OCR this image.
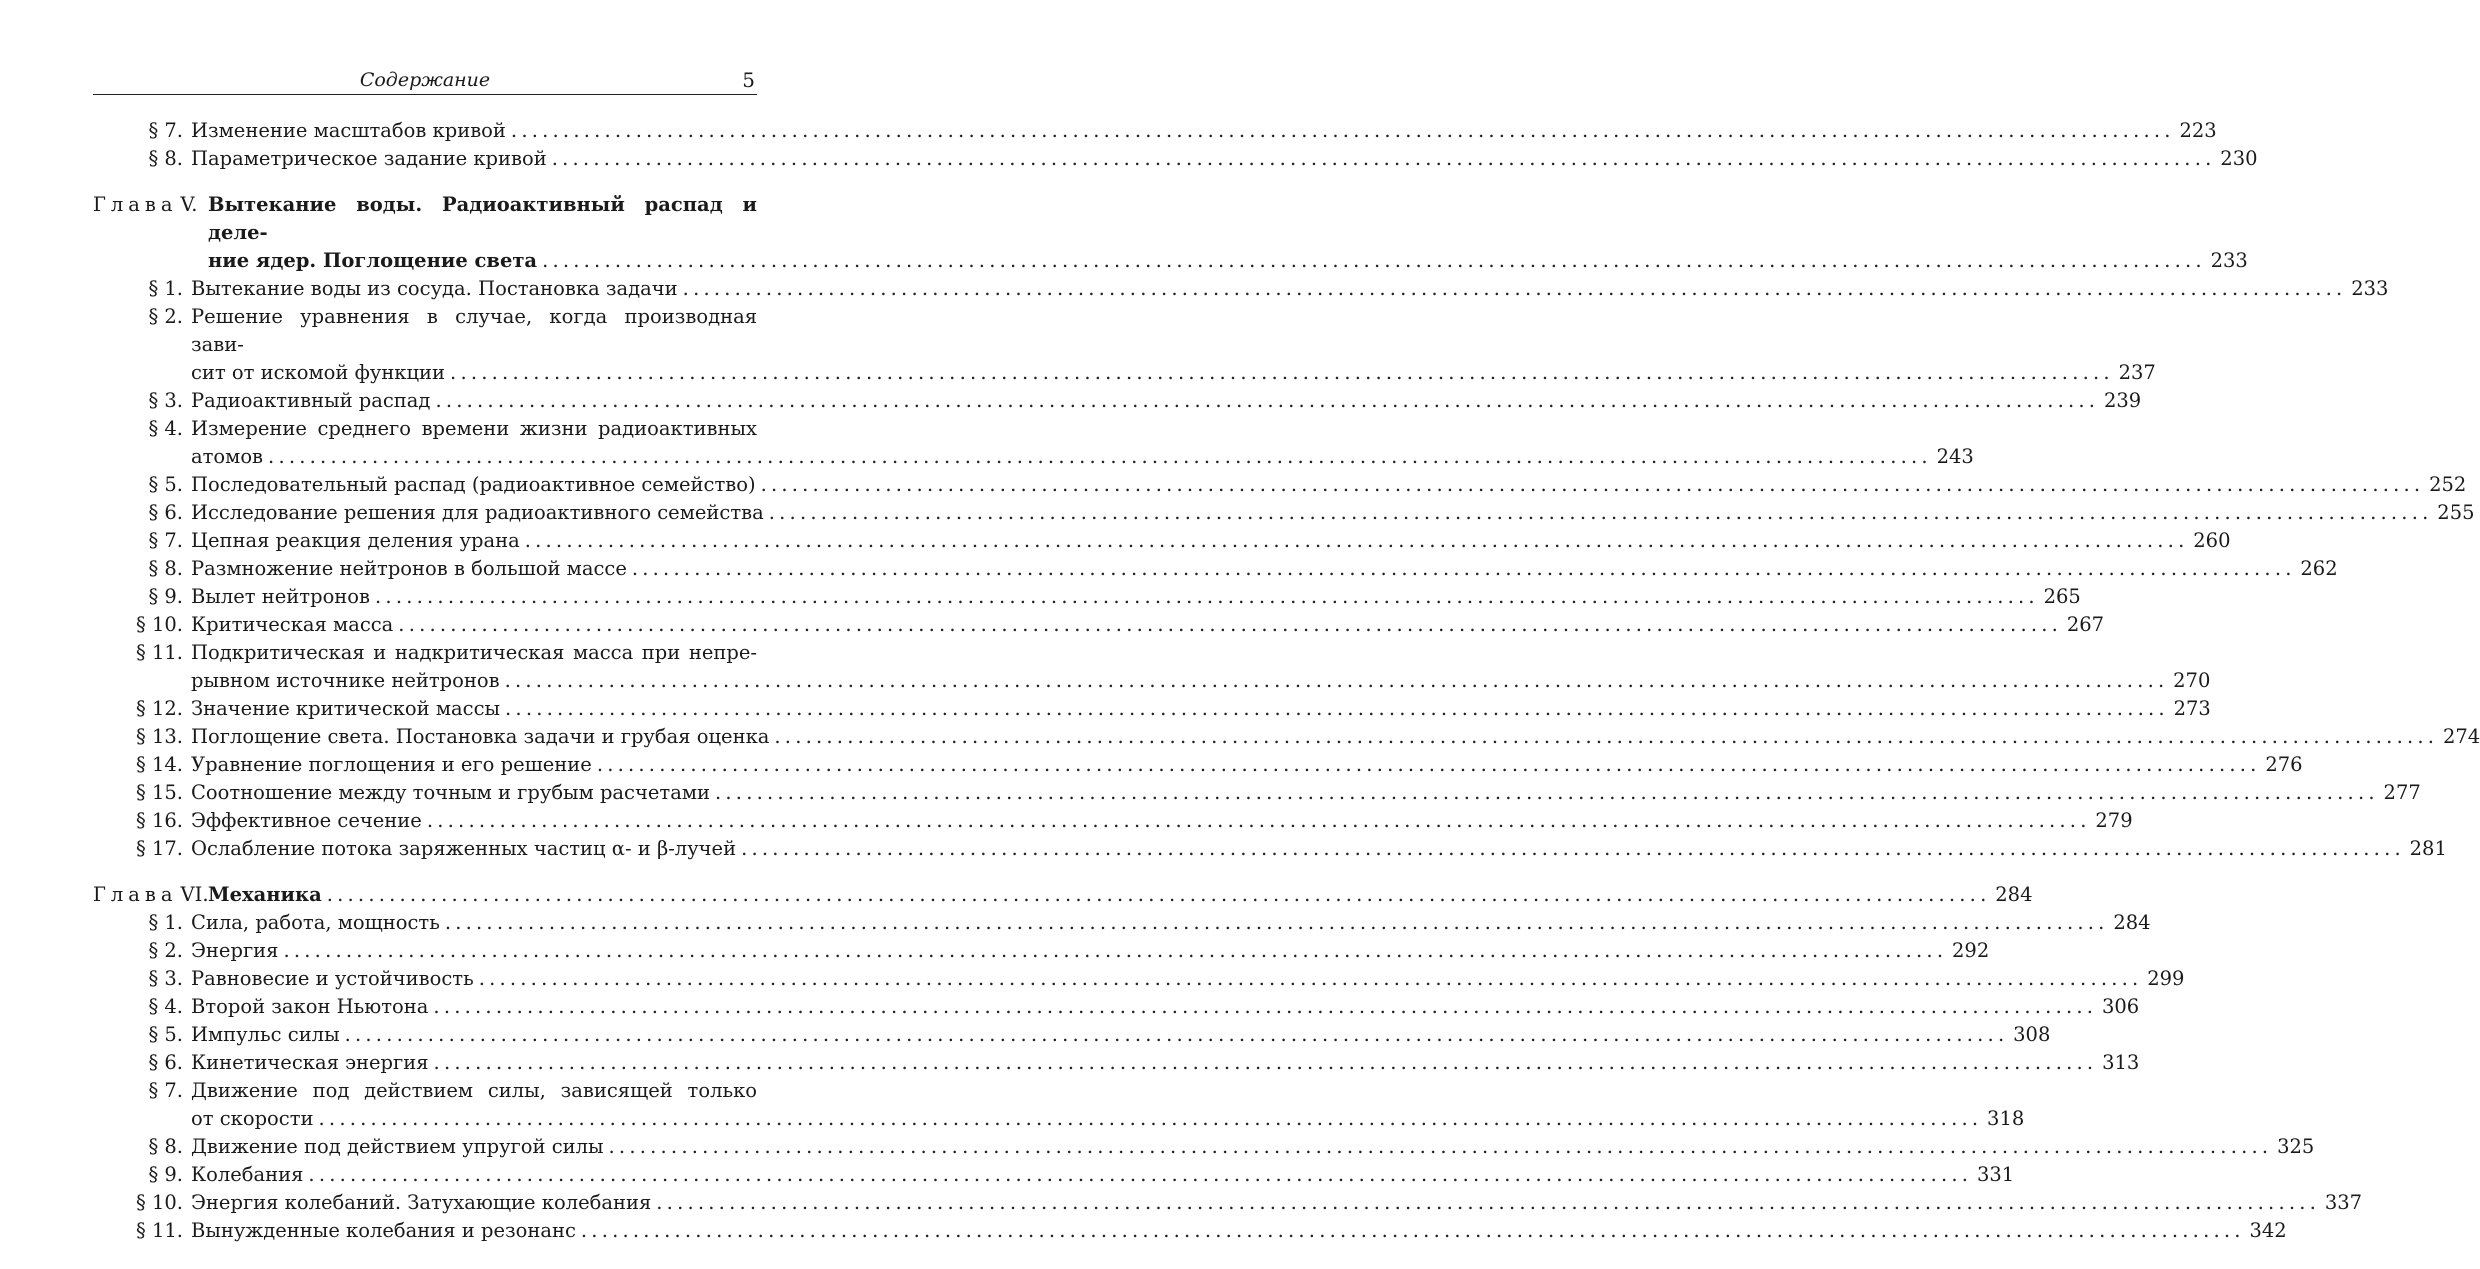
Содержание	5
§ 7. Изменение масштабов кривой ................................................................................................................................................................ 223
§ 8. Параметрическое задание кривой ................................................................................................................................................................ 230
Глава V. Вытекание воды. Радиоактивный распад и деле-
ние ядер. Поглощение света ................................................................................................................................................................ 233
§ 1. Вытекание воды из сосуда. Постановка задачи ................................................................................................................................................................ 233
§ 2. Решение уравнения в случае, когда производная зави-
сит от искомой функции ................................................................................................................................................................ 237
§ 3. Радиоактивный распад ................................................................................................................................................................ 239
§ 4. Измерение среднего времени жизни радиоактивных
атомов ................................................................................................................................................................ 243
§ 5. Последовательный распад (радиоактивное семейство) ................................................................................................................................................................ 252
§ 6. Исследование решения для радиоактивного семейства ................................................................................................................................................................ 255
§ 7. Цепная реакция деления урана ................................................................................................................................................................ 260
§ 8. Размножение нейтронов в большой массе ................................................................................................................................................................ 262
§ 9. Вылет нейтронов ................................................................................................................................................................ 265
§ 10. Критическая масса ................................................................................................................................................................ 267
§ 11. Подкритическая и надкритическая масса при непре-
рывном источнике нейтронов ................................................................................................................................................................ 270
§ 12. Значение критической массы ................................................................................................................................................................ 273
§ 13. Поглощение света. Постановка задачи и грубая оценка ................................................................................................................................................................ 274
§ 14. Уравнение поглощения и его решение ................................................................................................................................................................ 276
§ 15. Соотношение между точным и грубым расчетами ................................................................................................................................................................ 277
§ 16. Эффективное сечение ................................................................................................................................................................ 279
§ 17. Ослабление потока заряженных частиц α- и β-лучей ................................................................................................................................................................ 281
Глава VI. Механика ................................................................................................................................................................ 284
§ 1. Сила, работа, мощность ................................................................................................................................................................ 284
§ 2. Энергия ................................................................................................................................................................ 292
§ 3. Равновесие и устойчивость ................................................................................................................................................................ 299
§ 4. Второй закон Ньютона ................................................................................................................................................................ 306
§ 5. Импульс силы ................................................................................................................................................................ 308
§ 6. Кинетическая энергия ................................................................................................................................................................ 313
§ 7. Движение под действием силы, зависящей только
от скорости ................................................................................................................................................................ 318
§ 8. Движение под действием упругой силы ................................................................................................................................................................ 325
§ 9. Колебания ................................................................................................................................................................ 331
§ 10. Энергия колебаний. Затухающие колебания ................................................................................................................................................................ 337
§ 11. Вынужденные колебания и резонанс ................................................................................................................................................................ 342
